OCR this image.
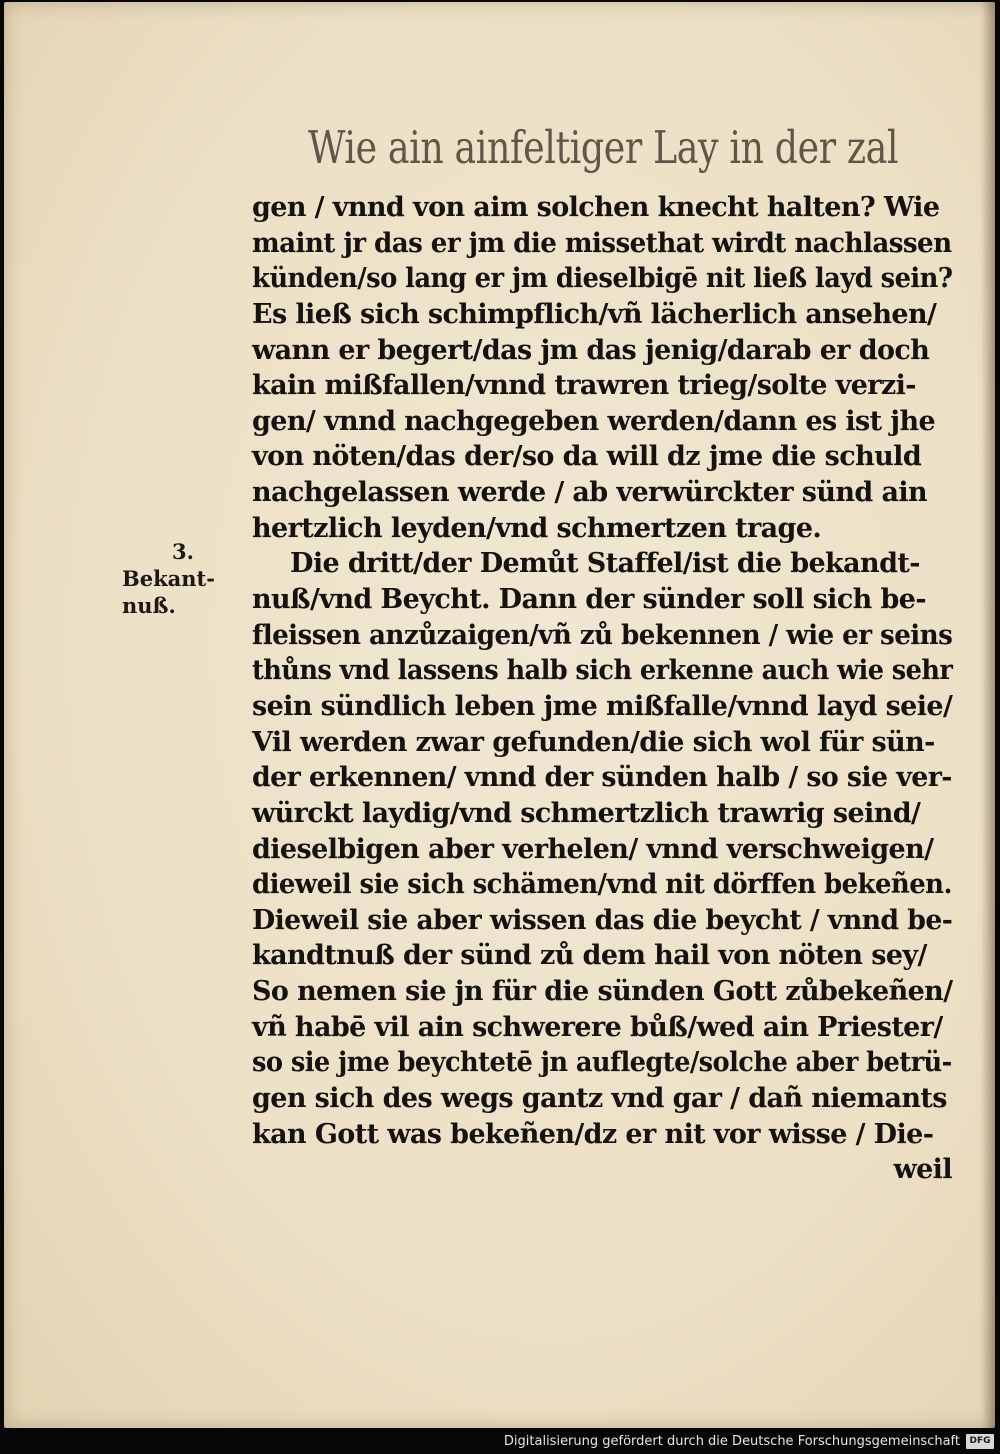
Wie ain ainfeltiger Lay in der zal
3.
Bekant-
nuß.
gen / vnnd von aim solchen knecht halten? Wie
maint jr das er jm die missethat wirdt nachlassen
künden/so lang er jm dieselbigē nit ließ layd sein?
Es ließ sich schimpflich/vñ lächerlich ansehen/
wann er begert/das jm das jenig/darab er doch
kain mißfallen/vnnd trawren trieg/solte verzi-
gen/ vnnd nachgegeben werden/dann es ist jhe
von nöten/das der/so da will dz jme die schuld
nachgelassen werde / ab verwürckter sünd ain
hertzlich leyden/vnd schmertzen trage.
Die dritt/der Demůt Staffel/ist die bekandt-
nuß/vnd Beycht. Dann der sünder soll sich be-
fleissen anzůzaigen/vñ zů bekennen / wie er seins
thůns vnd lassens halb sich erkenne auch wie sehr
sein sündlich leben jme mißfalle/vnnd layd seie/
Vil werden zwar gefunden/die sich wol für sün-
der erkennen/ vnnd der sünden halb / so sie ver-
würckt laydig/vnd schmertzlich trawrig seind/
dieselbigen aber verhelen/ vnnd verschweigen/
dieweil sie sich schämen/vnd nit dörffen bekeñen.
Dieweil sie aber wissen das die beycht / vnnd be-
kandtnuß der sünd zů dem hail von nöten sey/
So nemen sie jn für die sünden Gott zůbekeñen/
vñ habē vil ain schwerere bůß/wed ain Priester/
so sie jme beychtetē jn auflegte/solche aber betrü-
gen sich des wegs gantz vnd gar / dañ niemants
kan Gott was bekeñen/dz er nit vor wisse / Die-
weil
Digitalisierung gefördert durch die Deutsche Forschungsgemeinschaft	DFG
